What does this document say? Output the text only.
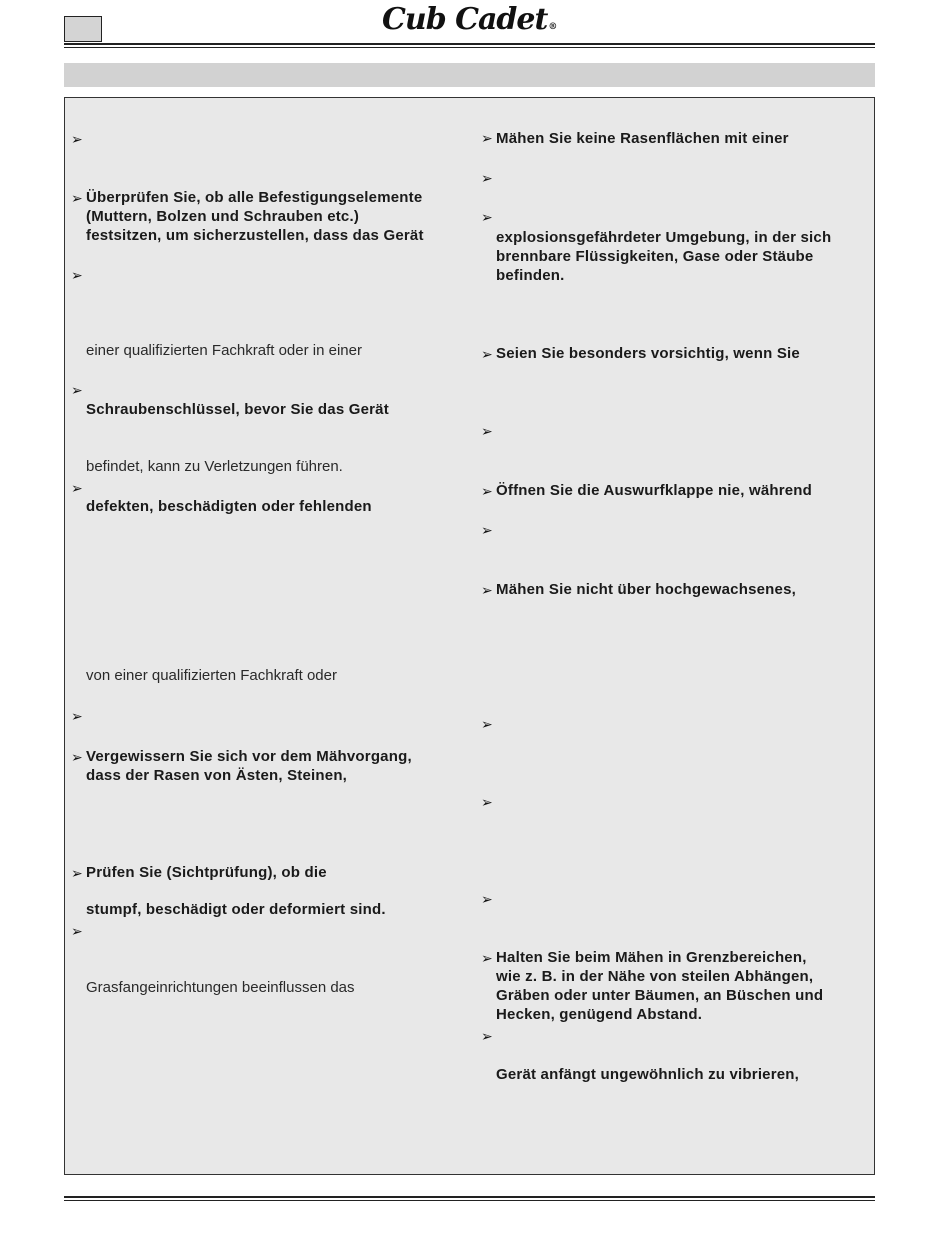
Cub Cadet®
➢
➢
➢
➢
➢
➢
➢
➢
➢
Überprüfen Sie, ob alle Befestigungselemente
(Muttern, Bolzen und Schrauben etc.)
festsitzen, um sicherzustellen, dass das Gerät
einer qualifizierten Fachkraft oder in einer
Schraubenschlüssel, bevor Sie das Gerät
befindet, kann zu Verletzungen führen.
defekten, beschädigten oder fehlenden
von einer qualifizierten Fachkraft oder
Vergewissern Sie sich vor dem Mähvorgang,
dass der Rasen von Ästen, Steinen,
Prüfen Sie (Sichtprüfung), ob die
stumpf, beschädigt oder deformiert sind.
Grasfangeinrichtungen beeinflussen das
➢
➢
➢
➢
➢
➢
➢
➢
➢
➢
➢
➢
➢
Mähen Sie keine Rasenflächen mit einer
explosionsgefährdeter Umgebung, in der sich
brennbare Flüssigkeiten, Gase oder Stäube
befinden.
Seien Sie besonders vorsichtig, wenn Sie
Öffnen Sie die Auswurfklappe nie, während
Mähen Sie nicht über hochgewachsenes,
Halten Sie beim Mähen in Grenzbereichen,
wie z. B. in der Nähe von steilen Abhängen,
Gräben oder unter Bäumen, an Büschen und
Hecken, genügend Abstand.
Gerät anfängt ungewöhnlich zu vibrieren,
